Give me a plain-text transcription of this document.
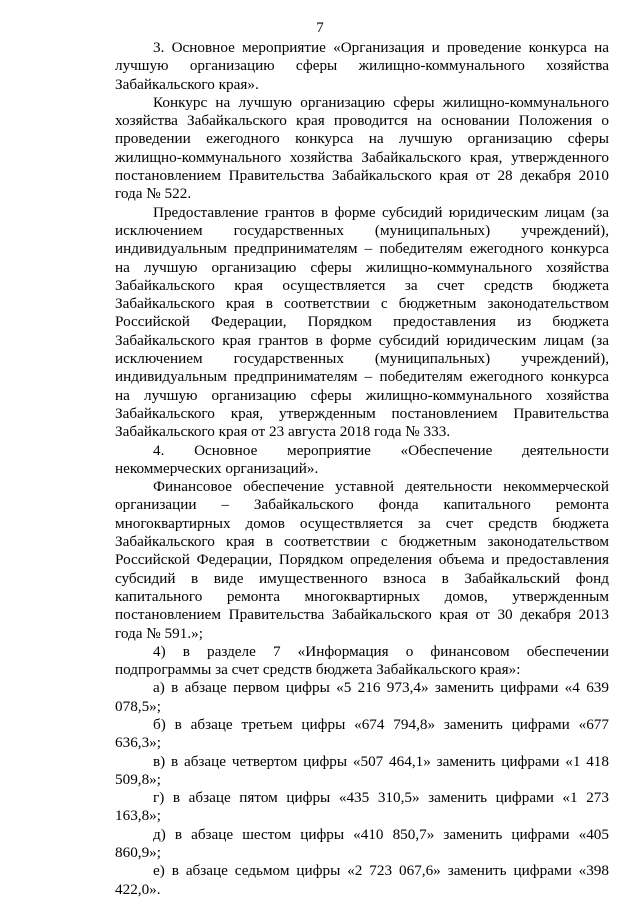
7

3. Основное мероприятие «Организация и проведение конкурса на лучшую организацию сферы жилищно-коммунального хозяйства Забайкальского края».

Конкурс на лучшую организацию сферы жилищно-коммунального хозяйства Забайкальского края проводится на основании Положения о проведении ежегодного конкурса на лучшую организацию сферы жилищно-коммунального хозяйства Забайкальского края, утвержденного постановлением Правительства Забайкальского края от 28 декабря 2010 года № 522.

Предоставление грантов в форме субсидий юридическим лицам (за исключением государственных (муниципальных) учреждений), индивидуальным предпринимателям – победителям ежегодного конкурса на лучшую организацию сферы жилищно-коммунального хозяйства Забайкальского края осуществляется за счет средств бюджета Забайкальского края в соответствии с бюджетным законодательством Российской Федерации, Порядком предоставления из бюджета Забайкальского края грантов в форме субсидий юридическим лицам (за исключением государственных (муниципальных) учреждений), индивидуальным предпринимателям – победителям ежегодного конкурса на лучшую организацию сферы жилищно-коммунального хозяйства Забайкальского края, утвержденным постановлением Правительства Забайкальского края от 23 августа 2018 года № 333.

4. Основное мероприятие «Обеспечение деятельности некоммерческих организаций».

Финансовое обеспечение уставной деятельности некоммерческой организации – Забайкальского фонда капитального ремонта многоквартирных домов осуществляется за счет средств бюджета Забайкальского края в соответствии с бюджетным законодательством Российской Федерации, Порядком определения объема и предоставления субсидий в виде имущественного взноса в Забайкальский фонд капитального ремонта многоквартирных домов, утвержденным постановлением Правительства Забайкальского края от 30 декабря 2013 года № 591.»;

4) в разделе 7 «Информация о финансовом обеспечении подпрограммы за счет средств бюджета Забайкальского края»:

а) в абзаце первом цифры «5 216 973,4» заменить цифрами «4 639 078,5»;

б) в абзаце третьем цифры «674 794,8» заменить цифрами «677 636,3»;

в) в абзаце четвертом цифры «507 464,1» заменить цифрами «1 418 509,8»;

г) в абзаце пятом цифры «435 310,5» заменить цифрами «1 273 163,8»;

д) в абзаце шестом цифры «410 850,7» заменить цифрами «405 860,9»;

е) в абзаце седьмом цифры «2 723 067,6» заменить цифрами «398 422,0».
